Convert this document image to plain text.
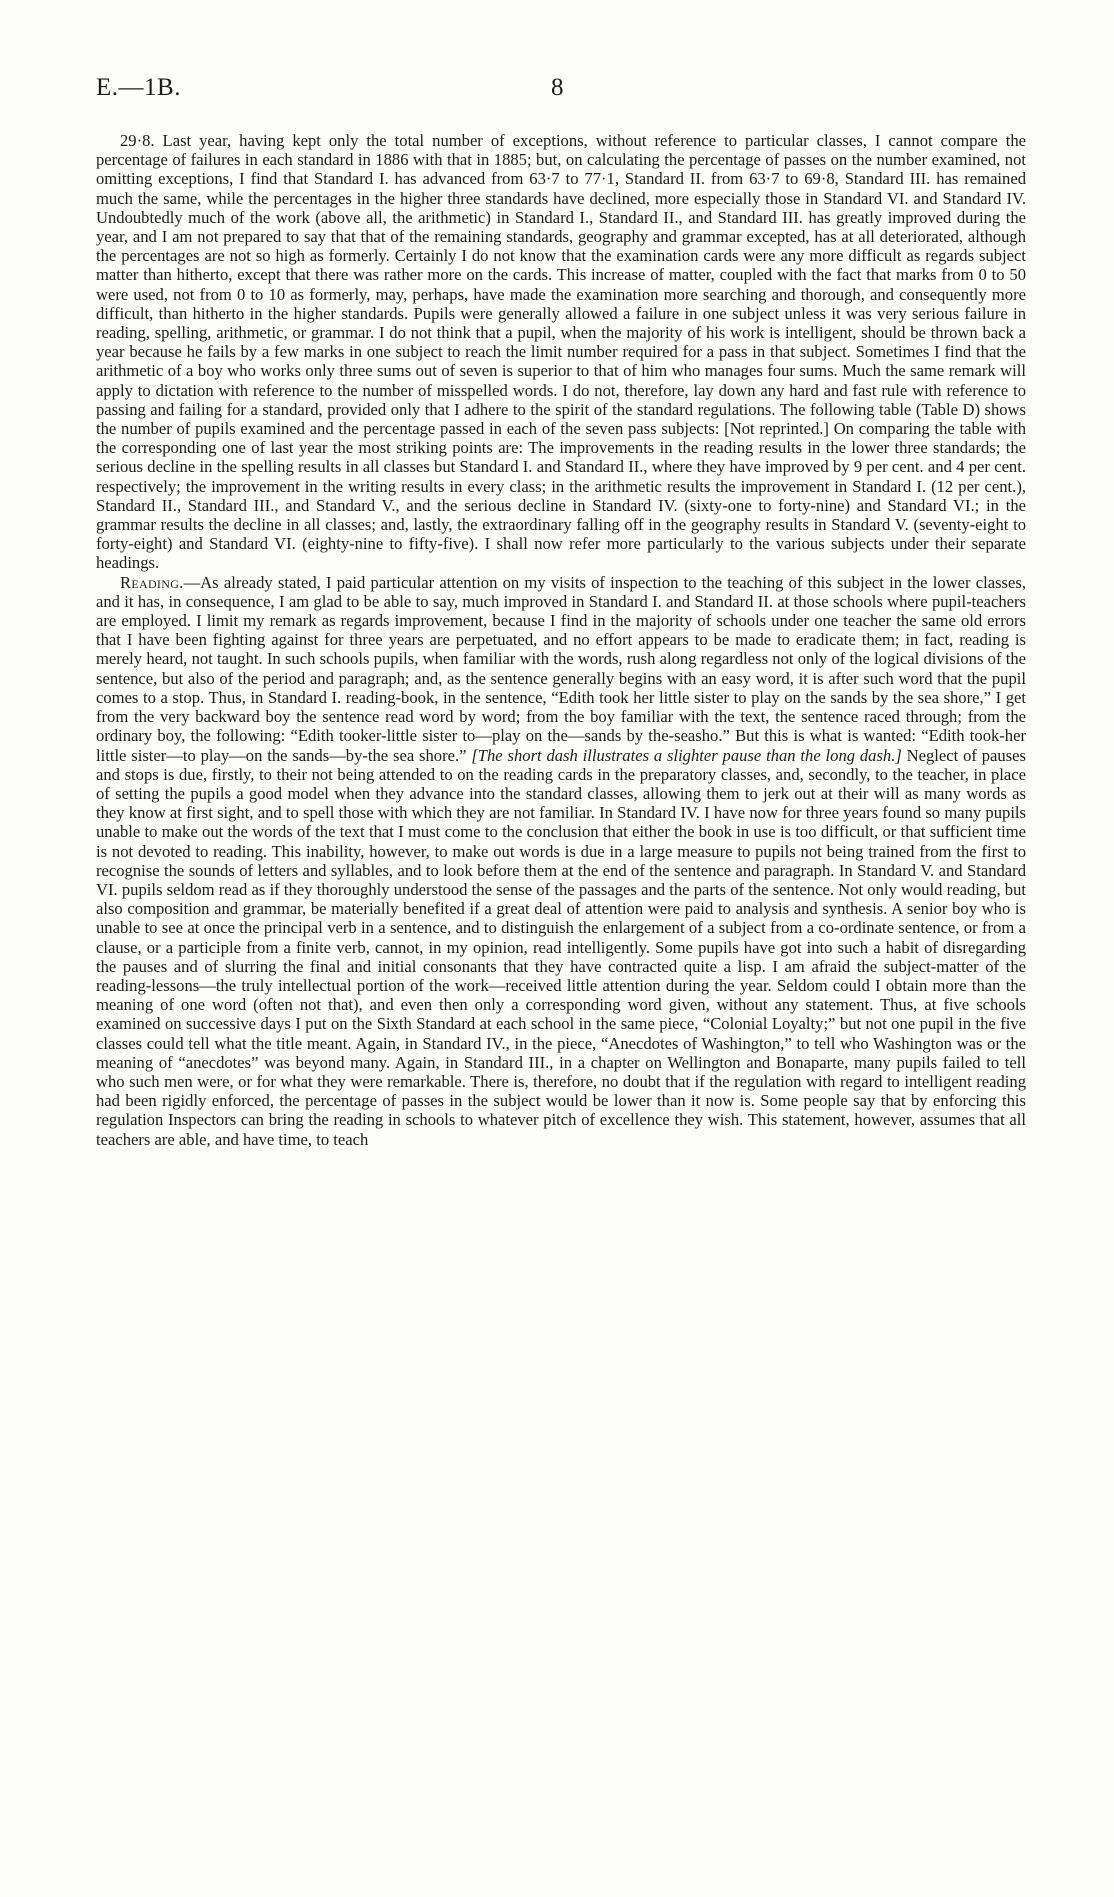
E.—1B.	8

29·8. Last year, having kept only the total number of exceptions, without reference to particular classes, I cannot compare the percentage of failures in each standard in 1886 with that in 1885; but, on calculating the percentage of passes on the number examined, not omitting exceptions, I find that Standard I. has advanced from 63·7 to 77·1, Standard II. from 63·7 to 69·8, Standard III. has remained much the same, while the percentages in the higher three standards have declined, more especially those in Standard VI. and Standard IV. Undoubtedly much of the work (above all, the arithmetic) in Standard I., Standard II., and Standard III. has greatly improved during the year, and I am not prepared to say that that of the remaining standards, geography and grammar excepted, has at all deteriorated, although the percentages are not so high as formerly. Certainly I do not know that the examination cards were any more difficult as regards subject matter than hitherto, except that there was rather more on the cards. This increase of matter, coupled with the fact that marks from 0 to 50 were used, not from 0 to 10 as formerly, may, perhaps, have made the examination more searching and thorough, and consequently more difficult, than hitherto in the higher standards. Pupils were generally allowed a failure in one subject unless it was very serious failure in reading, spelling, arithmetic, or grammar. I do not think that a pupil, when the majority of his work is intelligent, should be thrown back a year because he fails by a few marks in one subject to reach the limit number required for a pass in that subject. Sometimes I find that the arithmetic of a boy who works only three sums out of seven is superior to that of him who manages four sums. Much the same remark will apply to dictation with reference to the number of misspelled words. I do not, therefore, lay down any hard and fast rule with reference to passing and failing for a standard, provided only that I adhere to the spirit of the standard regulations. The following table (Table D) shows the number of pupils examined and the percentage passed in each of the seven pass subjects: [Not reprinted.] On comparing the table with the corresponding one of last year the most striking points are: The improvements in the reading results in the lower three standards; the serious decline in the spelling results in all classes but Standard I. and Standard II., where they have improved by 9 per cent. and 4 per cent. respectively; the improvement in the writing results in every class; in the arithmetic results the improvement in Standard I. (12 per cent.), Standard II., Standard III., and Standard V., and the serious decline in Standard IV. (sixty-one to forty-nine) and Standard VI.; in the grammar results the decline in all classes; and, lastly, the extraordinary falling off in the geography results in Standard V. (seventy-eight to forty-eight) and Standard VI. (eighty-nine to fifty-five). I shall now refer more particularly to the various subjects under their separate headings.

Reading.—As already stated, I paid particular attention on my visits of inspection to the teaching of this subject in the lower classes, and it has, in consequence, I am glad to be able to say, much improved in Standard I. and Standard II. at those schools where pupil-teachers are employed. I limit my remark as regards improvement, because I find in the majority of schools under one teacher the same old errors that I have been fighting against for three years are perpetuated, and no effort appears to be made to eradicate them; in fact, reading is merely heard, not taught. In such schools pupils, when familiar with the words, rush along regardless not only of the logical divisions of the sentence, but also of the period and paragraph; and, as the sentence generally begins with an easy word, it is after such word that the pupil comes to a stop. Thus, in Standard I. reading-book, in the sentence, “Edith took her little sister to play on the sands by the sea shore,” I get from the very backward boy the sentence read word by word; from the boy familiar with the text, the sentence raced through; from the ordinary boy, the following: “Edith tooker-little sister to—play on the—sands by the-seasho.” But this is what is wanted: “Edith took-her little sister—to play—on the sands—by-the sea shore.” [The short dash illustrates a slighter pause than the long dash.] Neglect of pauses and stops is due, firstly, to their not being attended to on the reading cards in the preparatory classes, and, secondly, to the teacher, in place of setting the pupils a good model when they advance into the standard classes, allowing them to jerk out at their will as many words as they know at first sight, and to spell those with which they are not familiar. In Standard IV. I have now for three years found so many pupils unable to make out the words of the text that I must come to the conclusion that either the book in use is too difficult, or that sufficient time is not devoted to reading. This inability, however, to make out words is due in a large measure to pupils not being trained from the first to recognise the sounds of letters and syllables, and to look before them at the end of the sentence and paragraph. In Standard V. and Standard VI. pupils seldom read as if they thoroughly understood the sense of the passages and the parts of the sentence. Not only would reading, but also composition and grammar, be materially benefited if a great deal of attention were paid to analysis and synthesis. A senior boy who is unable to see at once the principal verb in a sentence, and to distinguish the enlargement of a subject from a co-ordinate sentence, or from a clause, or a participle from a finite verb, cannot, in my opinion, read intelligently. Some pupils have got into such a habit of disregarding the pauses and of slurring the final and initial consonants that they have contracted quite a lisp. I am afraid the subject-matter of the reading-lessons—the truly intellectual portion of the work—received little attention during the year. Seldom could I obtain more than the meaning of one word (often not that), and even then only a corresponding word given, without any statement. Thus, at five schools examined on successive days I put on the Sixth Standard at each school in the same piece, “Colonial Loyalty;” but not one pupil in the five classes could tell what the title meant. Again, in Standard IV., in the piece, “Anecdotes of Washington,” to tell who Washington was or the meaning of “anecdotes” was beyond many. Again, in Standard III., in a chapter on Wellington and Bonaparte, many pupils failed to tell who such men were, or for what they were remarkable. There is, therefore, no doubt that if the regulation with regard to intelligent reading had been rigidly enforced, the percentage of passes in the subject would be lower than it now is. Some people say that by enforcing this regulation Inspectors can bring the reading in schools to whatever pitch of excellence they wish. This statement, however, assumes that all teachers are able, and have time, to teach
